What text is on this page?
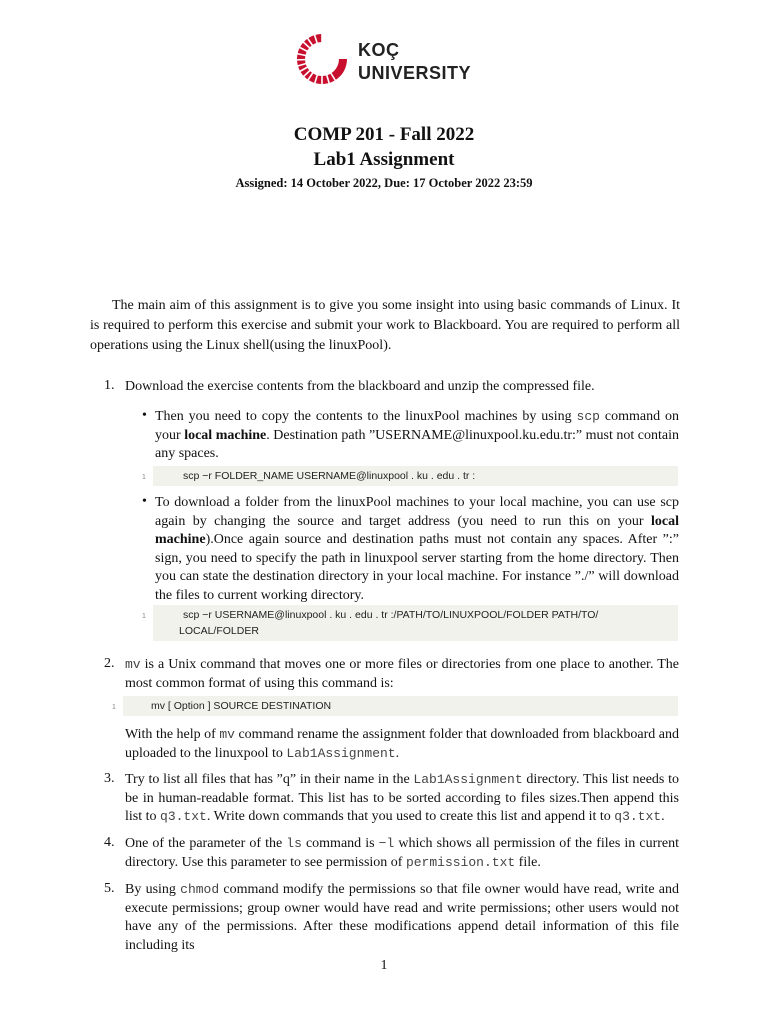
KOÇ
UNIVERSITY
COMP 201 - Fall 2022
Lab1 Assignment
Assigned: 14 October 2022, Due: 17 October 2022 23:59
The main aim of this assignment is to give you some insight into using basic commands of Linux. It is required to perform this exercise and submit your work to Blackboard. You are required to perform all operations using the Linux shell(using the linuxPool).
1. Download the exercise contents from the blackboard and unzip the compressed file.
• Then you need to copy the contents to the linuxPool machines by using scp command on your local machine. Destination path ”USERNAME@linuxpool.ku.edu.tr:” must not contain any spaces.
1	scp −r FOLDER_NAME USERNAME@linuxpool . ku . edu . tr :
• To download a folder from the linuxPool machines to your local machine, you can use scp again by changing the source and target address (you need to run this on your local machine).Once again source and destination paths must not contain any spaces. After ”:” sign, you need to specify the path in linuxpool server starting from the home directory. Then you can state the destination directory in your local machine. For instance ”./” will download the files to current working directory.
1	scp −r USERNAME@linuxpool . ku . edu . tr :/PATH/TO/LINUXPOOL/FOLDER PATH/TO/
LOCAL/FOLDER
2. mv is a Unix command that moves one or more files or directories from one place to another. The most common format of using this command is:
1	mv [ Option ] SOURCE DESTINATION
With the help of mv command rename the assignment folder that downloaded from blackboard and uploaded to the linuxpool to Lab1Assignment.
3. Try to list all files that has ”q” in their name in the Lab1Assignment directory. This list needs to be in human-readable format. This list has to be sorted according to files sizes.Then append this list to q3.txt. Write down commands that you used to create this list and append it to q3.txt.
4. One of the parameter of the ls command is −l which shows all permission of the files in current directory. Use this parameter to see permission of permission.txt file.
5. By using chmod command modify the permissions so that file owner would have read, write and execute permissions; group owner would have read and write permissions; other users would not have any of the permissions. After these modifications append detail information of this file including its
1
